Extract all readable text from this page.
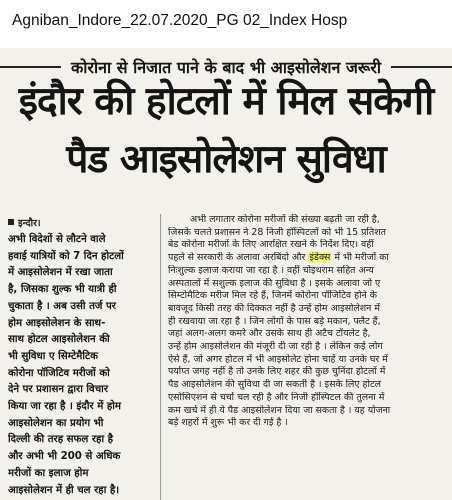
Agniban_Indore_22.07.2020_PG 02_Index Hosp
कोरोना से निजात पाने के बाद भी आइसोलेशन जरूरी
इंदौर की होटलों में मिल सकेगी
पैड आइसोलेशन सुविधा
इन्दौर।
अभी विदेशों से लौटने वाले
हवाई यात्रियों को 7 दिन होटलों
में आइसोलेशन में रखा जाता
है, जिसका शुल्क भी यात्री ही
चुकाता है । अब उसी तर्ज पर
होम आइसोलेशन के साथ-
साथ होटल आइसोलेशन की
भी सुविधा ए सिम्टेमैटिक
कोरोना पॉजिटिव मरीजों को
देने पर प्रशासन द्वारा विचार
किया जा रहा है । इंदौर में होम
आइसोलेशन का प्रयोग भी
दिल्ली की तरह सफल रहा है
और अभी भी 200 से अधिक
मरीजों का इलाज होम
आइसोलेशन में ही चल रहा है।
अभी लगातार कोरोना मरीजों की संख्या बढ़ती जा रही है,
जिसके चलते प्रशासन ने 28 निजी हॉस्पिटलों को भी 15 प्रतिशत
बेड कोरोना मरीजों के लिए आरक्षित रखने के निर्देश दिए। वहीं
पहले से सरकारी के अलावा अरबिंदो और इंडेक्स में भी मरीजों का
निःशुल्क इलाज कराया जा रहा है । वहीं चोइथराम सहित अन्य
अस्पतालों में सशुल्क इलाज की सुविधा है । इसके अलावा जो ए
सिम्टोमैटिक मरीज मिल रहे हैं, जिनमें कोरोना पॉजिटिव होने के
बावजूद किसी तरह की दिक्कत नहीं है उन्हें होम आइसोलेशन में
ही रखवाया जा रहा है । जिन लोगों के पास बड़े मकान, फ्लैट हैं,
जहां अलग-अलग कमरे और उसके साथ ही अटैच टॉयलेट है,
उन्हें होम आइसोलेशन की मंजूरी दी जा रही है । लेकिन कई लोग
ऐसे हैं, जो अगर होटल में भी आइसोलेट होना चाहें या उनके घर में
पर्याप्त जगह नहीं है तो उनके लिए शहर की कुछ चुनिंदा होटलों में
पैड आइसोलेशन की सुविधा दी जा सकती है । इसके लिए होटल
एसोसिएशन से चर्चा चल रही है और निजी हॉस्पिटल की तुलना में
कम खर्च में ही ये पैड आइसोलेशन दिया जा सकता है । यह योजना
बड़े शहरों में शुरू भी कर दी गई है ।
